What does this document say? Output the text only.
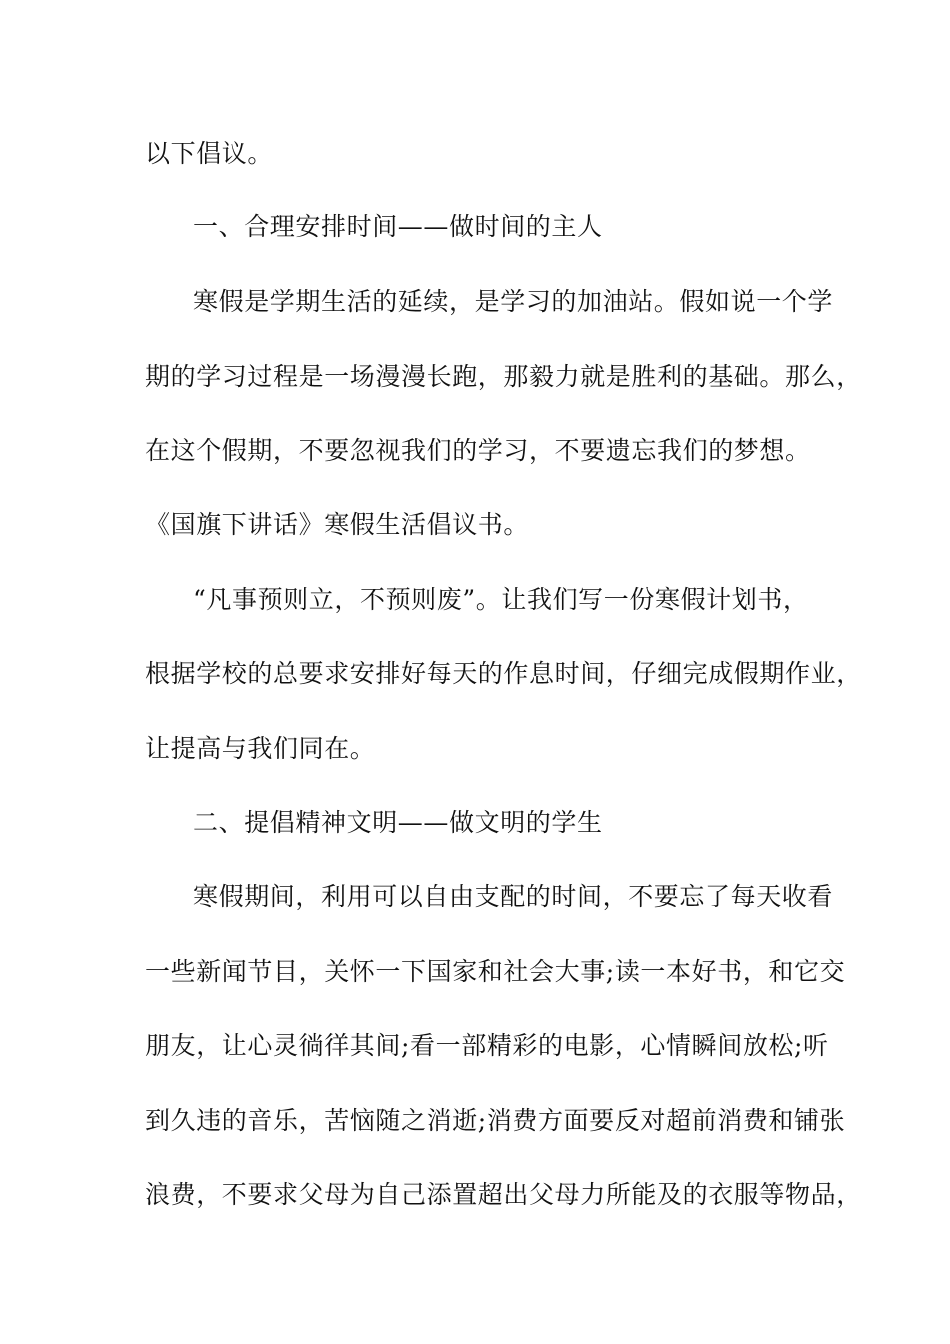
以下倡议。
一、合理安排时间——做时间的主人
寒假是学期生活的延续，是学习的加油站。假如说一个学
期的学习过程是一场漫漫长跑，那毅力就是胜利的基础。那么，
在这个假期，不要忽视我们的学习，不要遗忘我们的梦想。
《国旗下讲话》寒假生活倡议书。
“凡事预则立，不预则废”。让我们写一份寒假计划书，
根据学校的总要求安排好每天的作息时间，仔细完成假期作业，
让提高与我们同在。
二、提倡精神文明——做文明的学生
寒假期间，利用可以自由支配的时间，不要忘了每天收看
一些新闻节目，关怀一下国家和社会大事;读一本好书，和它交
朋友，让心灵徜徉其间;看一部精彩的电影，心情瞬间放松;听
到久违的音乐，苦恼随之消逝;消费方面要反对超前消费和铺张
浪费，不要求父母为自己添置超出父母力所能及的衣服等物品，
